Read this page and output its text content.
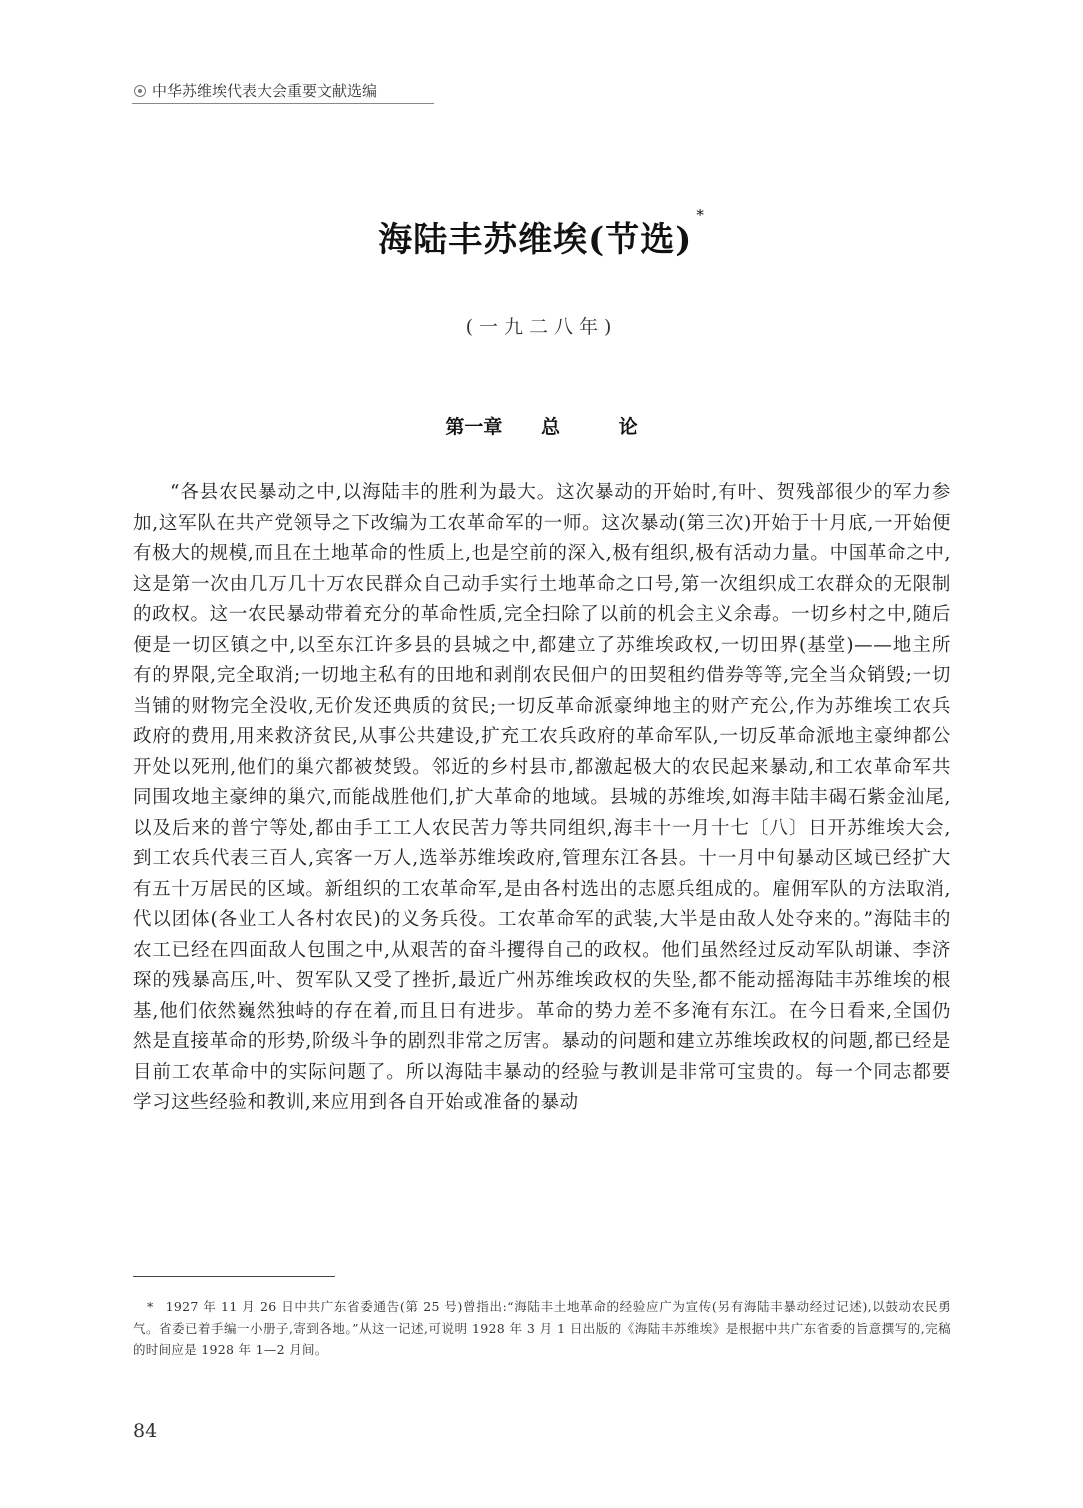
中华苏维埃代表大会重要文献选编
海陆丰苏维埃(节选)*
(一九二八年)
第一章 总	论

“各县农民暴动之中,以海陆丰的胜利为最大。这次暴动的开始时,有叶、贺残部很少的军力参加,这军队在共产党领导之下改编为工农革命军的一师。这次暴动(第三次)开始于十月底,一开始便有极大的规模,而且在土地革命的性质上,也是空前的深入,极有组织,极有活动力量。中国革命之中,这是第一次由几万几十万农民群众自己动手实行土地革命之口号,第一次组织成工农群众的无限制的政权。这一农民暴动带着充分的革命性质,完全扫除了以前的机会主义余毒。一切乡村之中,随后便是一切区镇之中,以至东江许多县的县城之中,都建立了苏维埃政权,一切田界(基堂)——地主所有的界限,完全取消;一切地主私有的田地和剥削农民佃户的田契租约借券等等,完全当众销毁;一切当铺的财物完全没收,无价发还典质的贫民;一切反革命派豪绅地主的财产充公,作为苏维埃工农兵政府的费用,用来救济贫民,从事公共建设,扩充工农兵政府的革命军队,一切反革命派地主豪绅都公开处以死刑,他们的巢穴都被焚毁。邻近的乡村县市,都激起极大的农民起来暴动,和工农革命军共同围攻地主豪绅的巢穴,而能战胜他们,扩大革命的地域。县城的苏维埃,如海丰陆丰碣石紫金汕尾,以及后来的普宁等处,都由手工工人农民苦力等共同组织,海丰十一月十七〔八〕日开苏维埃大会,到工农兵代表三百人,宾客一万人,选举苏维埃政府,管理东江各县。十一月中旬暴动区域已经扩大有五十万居民的区域。新组织的工农革命军,是由各村选出的志愿兵组成的。雇佣军队的方法取消,代以团体(各业工人各村农民)的义务兵役。工农革命军的武装,大半是由敌人处夺来的。”海陆丰的农工已经在四面敌人包围之中,从艰苦的奋斗攫得自己的政权。他们虽然经过反动军队胡谦、李济琛的残暴高压,叶、贺军队又受了挫折,最近广州苏维埃政权的失坠,都不能动摇海陆丰苏维埃的根基,他们依然巍然独峙的存在着,而且日有进步。革命的势力差不多淹有东江。在今日看来,全国仍然是直接革命的形势,阶级斗争的剧烈非常之厉害。暴动的问题和建立苏维埃政权的问题,都已经是目前工农革命中的实际问题了。所以海陆丰暴动的经验与教训是非常可宝贵的。每一个同志都要学习这些经验和教训,来应用到各自开始或准备的暴动

* 1927 年 11 月 26 日中共广东省委通告(第 25 号)曾指出:“海陆丰土地革命的经验应广为宣传(另有海陆丰暴动经过记述),以鼓动农民勇气。省委已着手编一小册子,寄到各地。”从这一记述,可说明 1928 年 3 月 1 日出版的《海陆丰苏维埃》是根据中共广东省委的旨意撰写的,完稿的时间应是 1928 年 1—2 月间。

84
